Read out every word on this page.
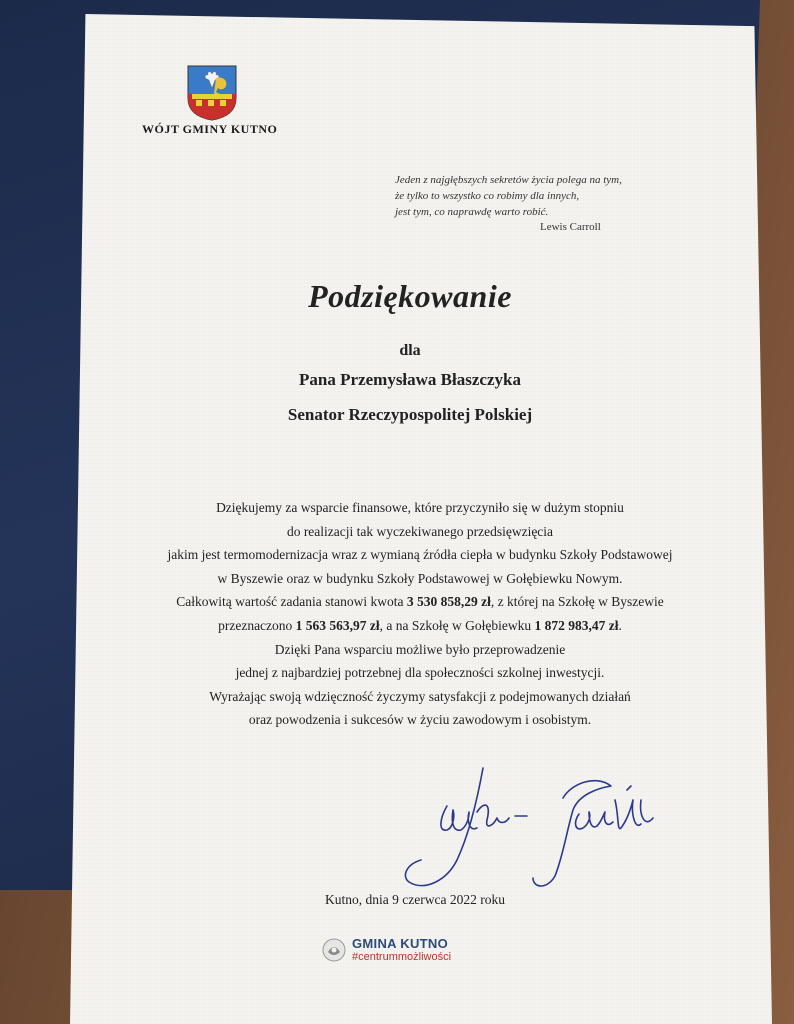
WÓJT GMINY KUTNO
Jeden z najgłębszych sekretów życia polega na tym,
że tylko to wszystko co robimy dla innych,
jest tym, co naprawdę warto robić.
Lewis Carroll
Podziękowanie
dla
Pana Przemysława Błaszczyka
Senator Rzeczypospolitej Polskiej

Dziękujemy za wsparcie finansowe, które przyczyniło się w dużym stopniu

do realizacji tak wyczekiwanego przedsięwzięcia

jakim jest termomodernizacja wraz z wymianą źródła ciepła w budynku Szkoły Podstawowej

w Byszewie oraz w budynku Szkoły Podstawowej w Gołębiewku Nowym.

Całkowitą wartość zadania stanowi kwota 3 530 858,29 zł, z której na Szkołę w Byszewie

przeznaczono 1 563 563,97 zł, a na Szkołę w Gołębiewku 1 872 983,47 zł.

Dzięki Pana wsparciu możliwe było przeprowadzenie

jednej z najbardziej potrzebnej dla społeczności szkolnej inwestycji.

Wyrażając swoją wdzięczność życzymy satysfakcji z podejmowanych działań

oraz powodzenia i sukcesów w życiu zawodowym i osobistym.

Kutno, dnia 9 czerwca 2022 roku
GMINA KUTNO
#centrummożliwości
